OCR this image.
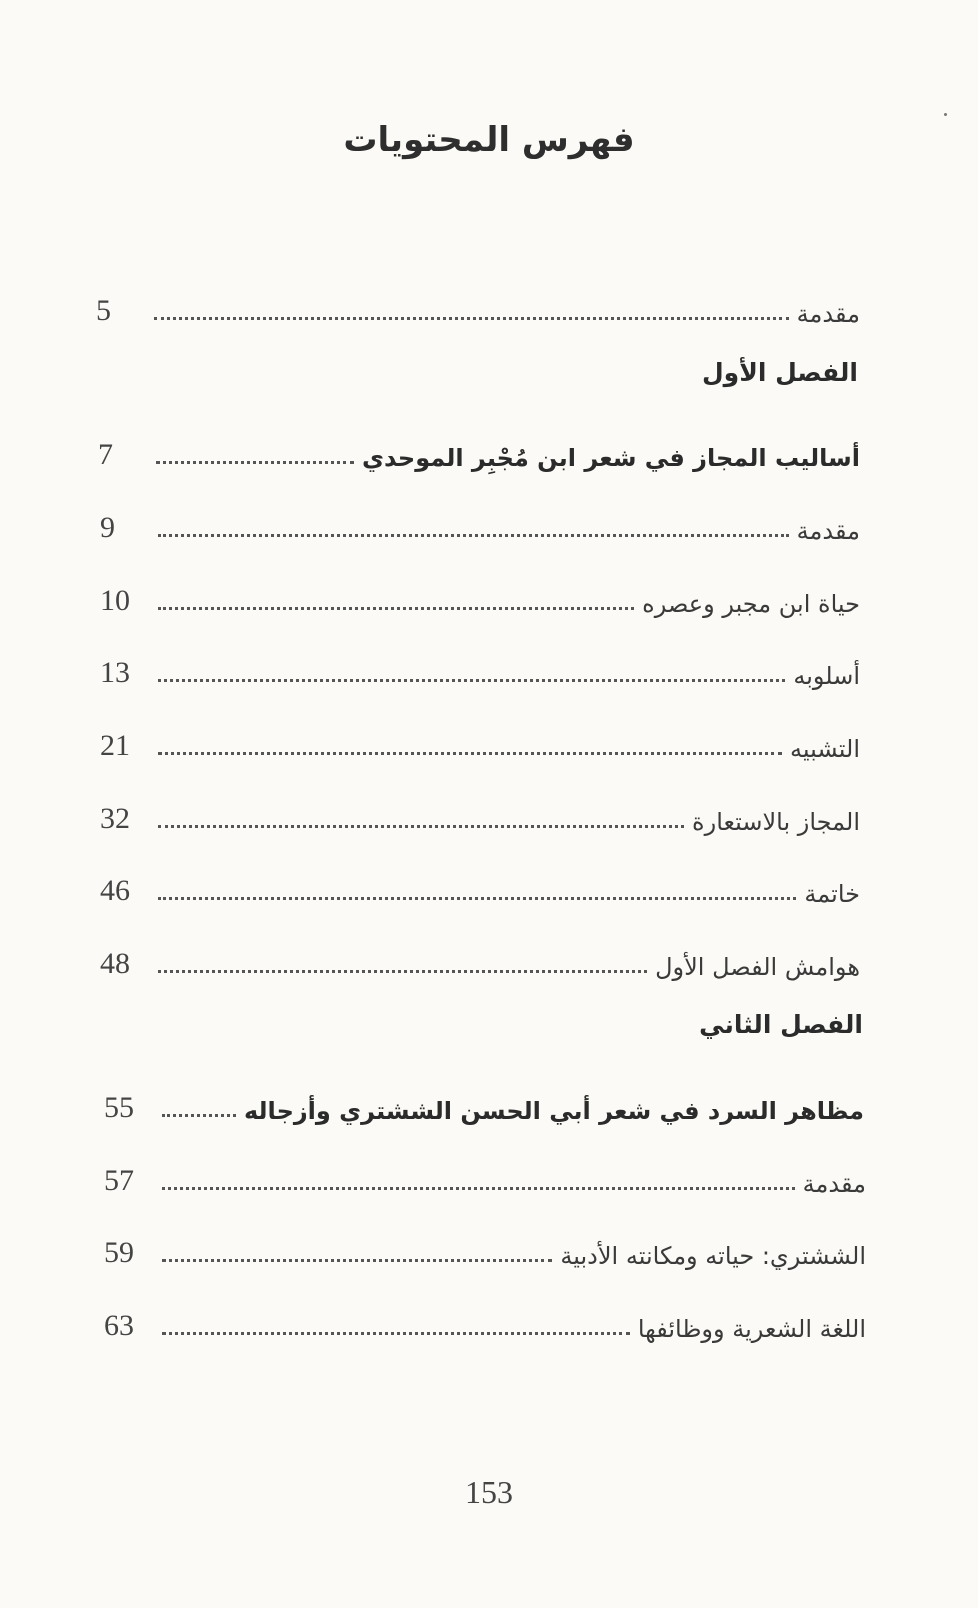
فهرس المحتويات
مقدمة
5
الفصل الأول
أساليب المجاز في شعر ابن مُجْبِر الموحدي
7
مقدمة
9
حياة ابن مجبر وعصره
10
أسلوبه
13
التشبيه
21
المجاز بالاستعارة
32
خاتمة
46
هوامش الفصل الأول
48
الفصل الثاني
مظاهر السرد في شعر أبي الحسن الششتري وأزجاله
55
مقدمة
57
الششتري: حياته ومكانته الأدبية
59
اللغة الشعرية ووظائفها
63
153
